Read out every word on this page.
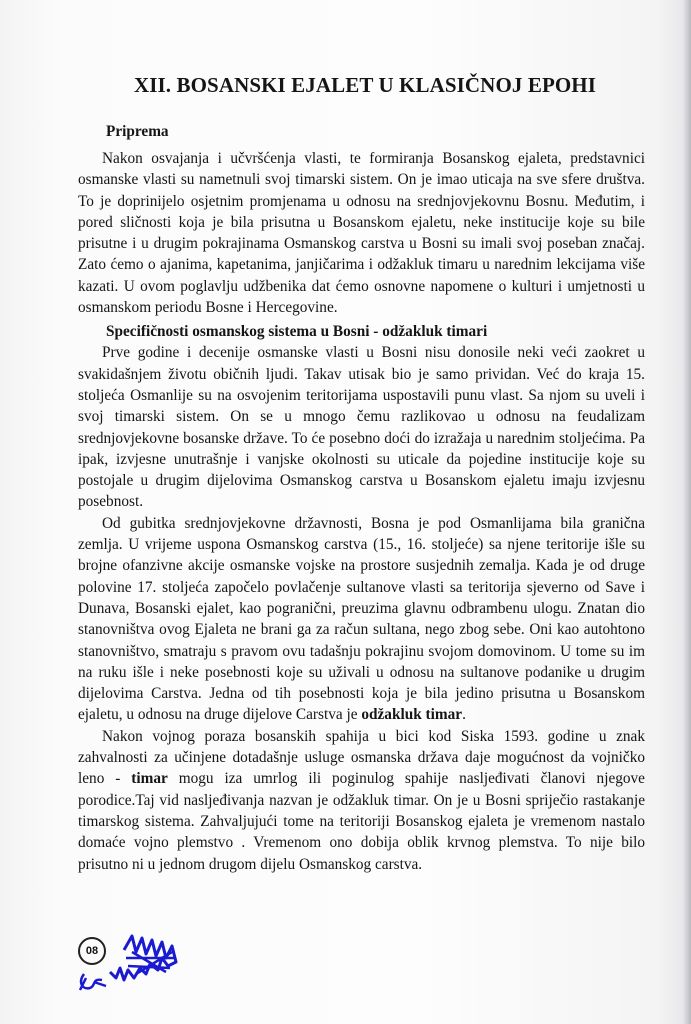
XII. BOSANSKI EJALET U KLASIČNOJ EPOHI
Priprema

Nakon osvajanja i učvršćenja vlasti, te formiranja Bosanskog ejaleta, predstavnici osmanske vlasti su nametnuli svoj timarski sistem. On je imao uticaja na sve sfere društva. To je doprinijelo osjetnim promjenama u odnosu na srednjovjekovnu Bosnu. Međutim, i pored sličnosti koja je bila prisutna u Bosanskom ejaletu, neke institucije koje su bile prisutne i u drugim pokrajinama Osmanskog carstva u Bosni su imali svoj poseban značaj. Zato ćemo o ajanima, kapetanima, janjičarima i odžakluk timaru u narednim lekcijama više kazati. U ovom poglavlju udžbenika dat ćemo osnovne napomene o kulturi i umjetnosti u osmanskom periodu Bosne i Hercegovine.

Specifičnosti osmanskog sistema u Bosni - odžakluk timari

Prve godine i decenije osmanske vlasti u Bosni nisu donosile neki veći zaokret u svakidašnjem životu običnih ljudi. Takav utisak bio je samo prividan. Već do kraja 15. stoljeća Osmanlije su na osvojenim teritorijama uspostavili punu vlast. Sa njom su uveli i svoj timarski sistem. On se u mnogo čemu razlikovao u odnosu na feudalizam srednjovjekovne bosanske države. To će posebno doći do izražaja u narednim stoljećima. Pa ipak, izvjesne unutrašnje i vanjske okolnosti su uticale da pojedine institucije koje su postojale u drugim dijelovima Osmanskog carstva u Bosanskom ejaletu imaju izvjesnu posebnost.

Od gubitka srednjovjekovne državnosti, Bosna je pod Osmanlijama bila granična zemlja. U vrijeme uspona Osmanskog carstva (15., 16. stoljeće) sa njene teritorije išle su brojne ofanzivne akcije osmanske vojske na prostore susjednih zemalja. Kada je od druge polovine 17. stoljeća započelo povlačenje sultanove vlasti sa teritorija sjeverno od Save i Dunava, Bosanski ejalet, kao pogranični, preuzima glavnu odbrambenu ulogu. Znatan dio stanovništva ovog Ejaleta ne brani ga za račun sultana, nego zbog sebe. Oni kao autohtono stanovništvo, smatraju s pravom ovu tadašnju pokrajinu svojom domovinom. U tome su im na ruku išle i neke posebnosti koje su uživali u odnosu na sultanove podanike u drugim dijelovima Carstva. Jedna od tih posebnosti koja je bila jedino prisutna u Bosanskom ejaletu, u odnosu na druge dijelove Carstva je odžakluk timar.

Nakon vojnog poraza bosanskih spahija u bici kod Siska 1593. godine u znak zahvalnosti za učinjene dotadašnje usluge osmanska država daje mogućnost da vojničko leno - timar mogu iza umrlog ili poginulog spahije nasljeđivati članovi njegove porodice.Taj vid nasljeđivanja nazvan je odžakluk timar. On je u Bosni spriječio rastakanje timarskog sistema. Zahvaljujući tome na teritoriji Bosanskog ejaleta je vremenom nastalo domaće vojno plemstvo . Vremenom ono dobija oblik krvnog plemstva. To nije bilo prisutno ni u jednom drugom dijelu Osmanskog carstva.

08
